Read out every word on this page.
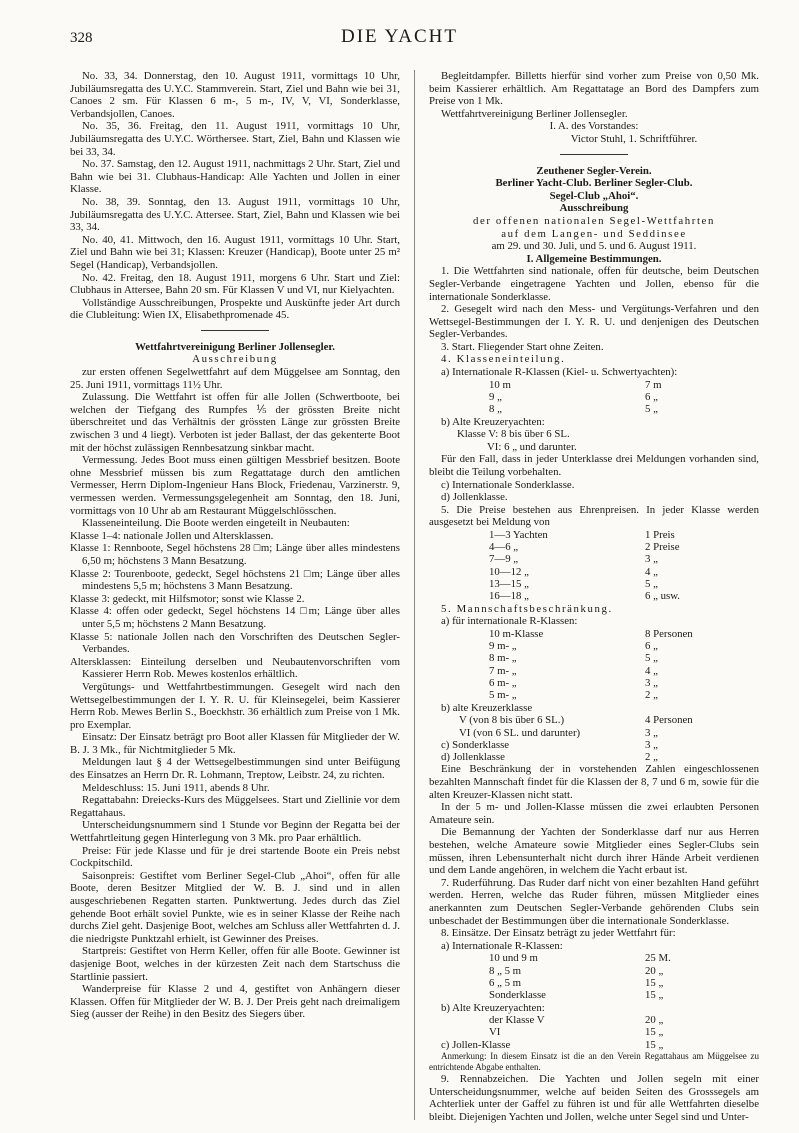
328	DIE YACHT

No. 33, 34. Donnerstag, den 10. August 1911, vormittags 10 Uhr, Jubiläumsregatta des U.Y.C. Stammverein. Start, Ziel und Bahn wie bei 31, Canoes 2 sm. Für Klassen 6 m-, 5 m-, IV, V, VI, Sonderklasse, Verbandsjollen, Canoes.

No. 35, 36. Freitag, den 11. August 1911, vormittags 10 Uhr, Jubiläumsregatta des U.Y.C. Wörthersee. Start, Ziel, Bahn und Klassen wie bei 33, 34.

No. 37. Samstag, den 12. August 1911, nachmittags 2 Uhr. Start, Ziel und Bahn wie bei 31. Clubhaus-Handicap: Alle Yachten und Jollen in einer Klasse.

No. 38, 39. Sonntag, den 13. August 1911, vormittags 10 Uhr, Jubiläumsregatta des U.Y.C. Attersee. Start, Ziel, Bahn und Klassen wie bei 33, 34.

No. 40, 41. Mittwoch, den 16. August 1911, vormittags 10 Uhr. Start, Ziel und Bahn wie bei 31; Klassen: Kreuzer (Handicap), Boote unter 25 m² Segel (Handicap), Verbandsjollen.

No. 42. Freitag, den 18. August 1911, morgens 6 Uhr. Start und Ziel: Clubhaus in Attersee, Bahn 20 sm. Für Klassen V und VI, nur Kielyachten.

Vollständige Ausschreibungen, Prospekte und Auskünfte jeder Art durch die Clubleitung: Wien IX, Elisabethpromenade 45.

Wettfahrtvereinigung Berliner Jollensegler.

Ausschreibung

zur ersten offenen Segelwettfahrt auf dem Müggelsee am Sonntag, den 25. Juni 1911, vormittags 11½ Uhr.

Zulassung. Die Wettfahrt ist offen für alle Jollen (Schwertboote, bei welchen der Tiefgang des Rumpfes ⅕ der grössten Breite nicht überschreitet und das Verhältnis der grössten Länge zur grössten Breite zwischen 3 und 4 liegt). Verboten ist jeder Ballast, der das gekenterte Boot mit der höchst zulässigen Rennbesatzung sinkbar macht.

Vermessung. Jedes Boot muss einen gültigen Messbrief besitzen. Boote ohne Messbrief müssen bis zum Regattatage durch den amtlichen Vermesser, Herrn Diplom-Ingenieur Hans Block, Friedenau, Varzinerstr. 9, vermessen werden. Vermessungsgelegenheit am Sonntag, den 18. Juni, vormittags von 10 Uhr ab am Restaurant Müggelschlösschen.

Klasseneinteilung. Die Boote werden eingeteilt in Neubauten:

Klasse 1–4: nationale Jollen und Altersklassen.

Klasse 1: Rennboote, Segel höchstens 28 □m; Länge über alles mindestens 6,50 m; höchstens 3 Mann Besatzung.

Klasse 2: Tourenboote, gedeckt, Segel höchstens 21 □m; Länge über alles mindestens 5,5 m; höchstens 3 Mann Besatzung.

Klasse 3: gedeckt, mit Hilfsmotor; sonst wie Klasse 2.

Klasse 4: offen oder gedeckt, Segel höchstens 14 □m; Länge über alles unter 5,5 m; höchstens 2 Mann Besatzung.

Klasse 5: nationale Jollen nach den Vorschriften des Deutschen Segler-Verbandes.

Altersklassen: Einteilung derselben und Neubautenvorschriften vom Kassierer Herrn Rob. Mewes kostenlos erhältlich.

Vergütungs- und Wettfahrtbestimmungen. Gesegelt wird nach den Wettsegelbestimmungen der I. Y. R. U. für Kleinsegelei, beim Kassierer Herrn Rob. Mewes Berlin S., Boeckhstr. 36 erhältlich zum Preise von 1 Mk. pro Exemplar.

Einsatz: Der Einsatz beträgt pro Boot aller Klassen für Mitglieder der W. B. J. 3 Mk., für Nichtmitglieder 5 Mk.

Meldungen laut § 4 der Wettsegelbestimmungen sind unter Beifügung des Einsatzes an Herrn Dr. R. Lohmann, Treptow, Leibstr. 24, zu richten.

Meldeschluss: 15. Juni 1911, abends 8 Uhr.

Regattabahn: Dreiecks-Kurs des Müggelsees. Start und Ziellinie vor dem Regattahaus.

Unterscheidungsnummern sind 1 Stunde vor Beginn der Regatta bei der Wettfahrtleitung gegen Hinterlegung von 3 Mk. pro Paar erhältlich.

Preise: Für jede Klasse und für je drei startende Boote ein Preis nebst Cockpitschild.

Saisonpreis: Gestiftet vom Berliner Segel-Club „Ahoi“, offen für alle Boote, deren Besitzer Mitglied der W. B. J. sind und in allen ausgeschriebenen Regatten starten. Punktwertung. Jedes durch das Ziel gehende Boot erhält soviel Punkte, wie es in seiner Klasse der Reihe nach durchs Ziel geht. Dasjenige Boot, welches am Schluss aller Wettfahrten d. J. die niedrigste Punktzahl erhielt, ist Gewinner des Preises.

Startpreis: Gestiftet von Herrn Keller, offen für alle Boote. Gewinner ist dasjenige Boot, welches in der kürzesten Zeit nach dem Startschuss die Startlinie passiert.

Wanderpreise für Klasse 2 und 4, gestiftet von Anhängern dieser Klassen. Offen für Mitglieder der W. B. J. Der Preis geht nach dreimaligem Sieg (ausser der Reihe) in den Besitz des Siegers über.

Begleitdampfer. Billetts hierfür sind vorher zum Preise von 0,50 Mk. beim Kassierer erhältlich. Am Regattatage an Bord des Dampfers zum Preise von 1 Mk.

Wettfahrtvereinigung Berliner Jollensegler.

I. A. des Vorstandes:

Victor Stuhl, 1. Schriftführer.

Zeuthener Segler-Verein.

Berliner Yacht-Club. Berliner Segler-Club.

Segel-Club „Ahoi“.

Ausschreibung

der offenen nationalen Segel-Wettfahrten

auf dem Langen- und Seddinsee

am 29. und 30. Juli, und 5. und 6. August 1911.

I. Allgemeine Bestimmungen.

1. Die Wettfahrten sind nationale, offen für deutsche, beim Deutschen Segler-Verbande eingetragene Yachten und Jollen, ebenso für die internationale Sonderklasse.

2. Gesegelt wird nach den Mess- und Vergütungs-Verfahren und den Wettsegel-Bestimmungen der I. Y. R. U. und denjenigen des Deutschen Segler-Verbandes.

3. Start. Fliegender Start ohne Zeiten.

4. Klasseneinteilung.

a) Internationale R-Klassen (Kiel- u. Schwertyachten):

10 m	7 m
9 „	6 „
8 „	5 „

b) Alte Kreuzeryachten:

Klasse V: 8 bis über 6 SL.

VI: 6 „ und darunter.

Für den Fall, dass in jeder Unterklasse drei Meldungen vorhanden sind, bleibt die Teilung vorbehalten.

c) Internationale Sonderklasse.

d) Jollenklasse.

5. Die Preise bestehen aus Ehrenpreisen. In jeder Klasse werden ausgesetzt bei Meldung von

1—3 Yachten	1 Preis
4—6 „	2 Preise
7—9 „	3 „
10—12 „	4 „
13—15 „	5 „
16—18 „	6 „ usw.

5. Mannschaftsbeschränkung.

a) für internationale R-Klassen:

10 m-Klasse	8 Personen
9 m- „	6 „
8 m- „	5 „
7 m- „	4 „
6 m- „	3 „
5 m- „	2 „

b) alte Kreuzerklasse

V (von 8 bis über 6 SL.)	4 Personen
VI (von 6 SL. und darunter)	3 „
c) Sonderklasse	3 „
d) Jollenklasse	2 „

Eine Beschränkung der in vorstehenden Zahlen eingeschlossenen bezahlten Mannschaft findet für die Klassen der 8, 7 und 6 m, sowie für die alten Kreuzer-Klassen nicht statt.

In der 5 m- und Jollen-Klasse müssen die zwei erlaubten Personen Amateure sein.

Die Bemannung der Yachten der Sonderklasse darf nur aus Herren bestehen, welche Amateure sowie Mitglieder eines Segler-Clubs sein müssen, ihren Lebensunterhalt nicht durch ihrer Hände Arbeit verdienen und dem Lande angehören, in welchem die Yacht erbaut ist.

7. Ruderführung. Das Ruder darf nicht von einer bezahlten Hand geführt werden. Herren, welche das Ruder führen, müssen Mitglieder eines anerkannten zum Deutschen Segler-Verbande gehörenden Clubs sein unbeschadet der Bestimmungen über die internationale Sonderklasse.

8. Einsätze. Der Einsatz beträgt zu jeder Wettfahrt für:

a) Internationale R-Klassen:

10 und 9 m	25 M.
8 „ 5 m	20 „
6 „ 5 m	15 „
Sonderklasse	15 „

b) Alte Kreuzeryachten:

der Klasse V	20 „
VI	15 „
c) Jollen-Klasse	15 „

Anmerkung: In diesem Einsatz ist die an den Verein Regattahaus am Müggelsee zu entrichtende Abgabe enthalten.

9. Rennabzeichen. Die Yachten und Jollen segeln mit einer Unterscheidungsnummer, welche auf beiden Seiten des Grosssegels am Achterliek unter der Gaffel zu führen ist und für alle Wettfahrten dieselbe bleibt. Diejenigen Yachten und Jollen, welche unter Segel sind und Unter-
